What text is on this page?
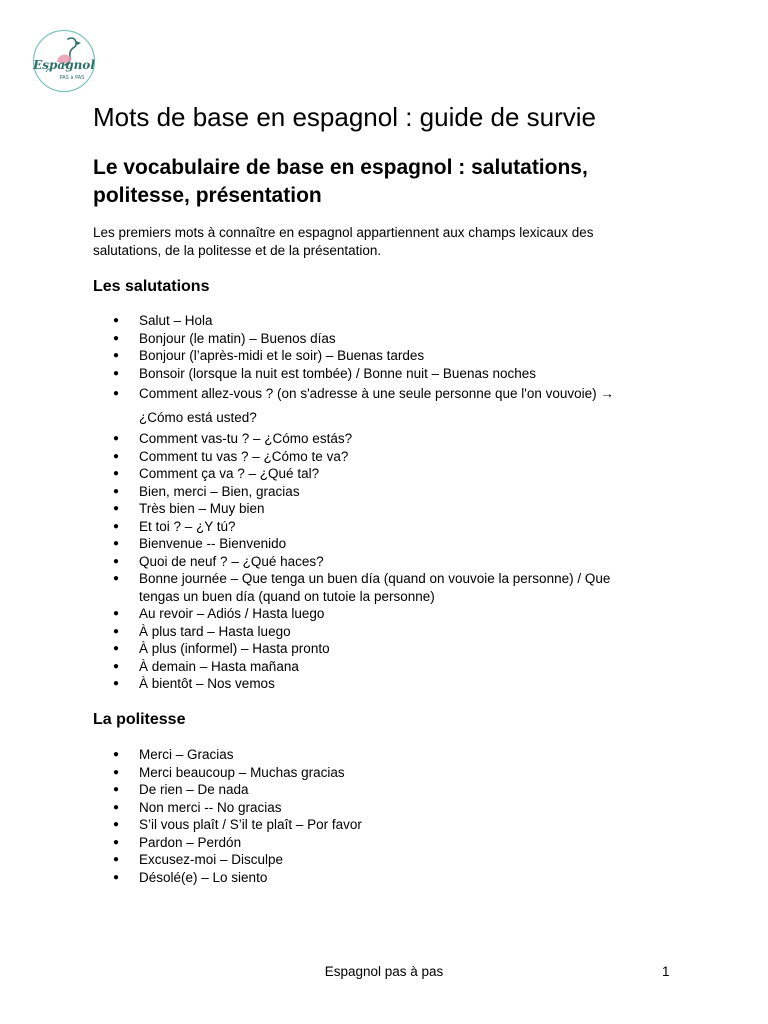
Espagnol
PAS à PAS
Mots de base en espagnol : guide de survie
Le vocabulaire de base en espagnol : salutations, politesse, présentation

Les premiers mots à connaître en espagnol appartiennent aux champs lexicaux des salutations, de la politesse et de la présentation.

Les salutations
● Salut – Hola
● Bonjour (le matin) – Buenos días
● Bonjour (l’après-midi et le soir) – Buenas tardes
● Bonsoir (lorsque la nuit est tombée) / Bonne nuit – Buenas noches
● Comment allez-vous ? (on s'adresse à une seule personne que l'on vouvoie) → ¿Cómo está usted?
● Comment vas-tu ? – ¿Cómo estás?
● Comment tu vas ? – ¿Cómo te va?
● Comment ça va ? – ¿Qué tal?
● Bien, merci – Bien, gracias
● Très bien – Muy bien
● Et toi ? – ¿Y tú?
● Bienvenue -- Bienvenido
● Quoi de neuf ? – ¿Qué haces?
● Bonne journée – Que tenga un buen día (quand on vouvoie la personne) / Que tengas un buen día (quand on tutoie la personne)
● Au revoir – Adiós / Hasta luego
● À plus tard – Hasta luego
● À plus (informel) – Hasta pronto
● À demain – Hasta mañana
● À bientôt – Nos vemos
La politesse
● Merci – Gracias
● Merci beaucoup – Muchas gracias
● De rien – De nada
● Non merci -- No gracias
● S’il vous plaît / S’il te plaît – Por favor
● Pardon – Perdón
● Excusez-moi – Disculpe
● Désolé(e) – Lo siento
Espagnol pas à pas	1
